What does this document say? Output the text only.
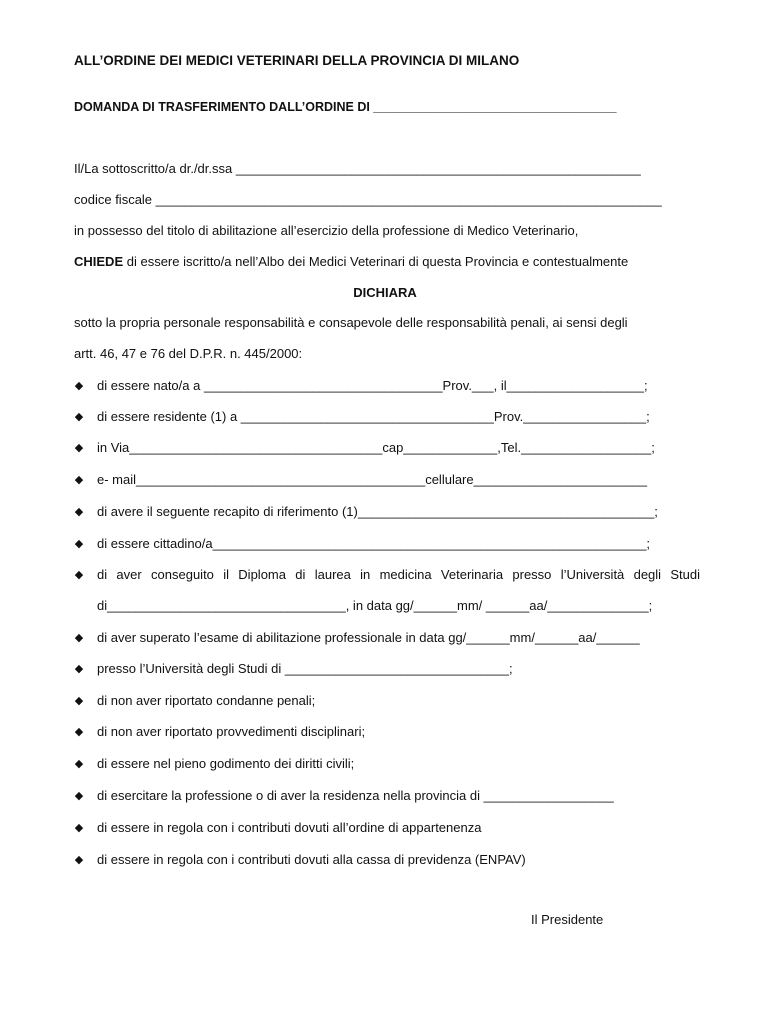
ALL’ORDINE DEI MEDICI VETERINARI DELLA PROVINCIA DI MILANO
DOMANDA DI TRASFERIMENTO DALL’ORDINE DI ___________________________________
Il/La sottoscritto/a dr./dr.ssa ________________________________________________________
codice fiscale ______________________________________________________________________
in possesso del titolo di abilitazione all’esercizio della professione di Medico Veterinario,
CHIEDE di essere iscritto/a nell’Albo dei Medici Veterinari di questa Provincia e contestualmente
DICHIARA
sotto la propria personale responsabilità e consapevole delle responsabilità penali, ai sensi degli
artt. 46, 47 e 76 del D.P.R. n. 445/2000:
◆ di essere nato/a a _________________________________Prov.___, il___________________;
◆ di essere residente (1) a ___________________________________Prov._________________;
◆ in Via___________________________________cap_____________,Tel.__________________;
◆ e- mail________________________________________cellulare________________________
◆ di avere il seguente recapito di riferimento (1)_________________________________________;
◆ di essere cittadino/a____________________________________________________________;
◆ di aver conseguito il Diploma di laurea in medicina Veterinaria presso l’Università degli Studi
di_________________________________, in data gg/______mm/ ______aa/______________;
◆ di aver superato l’esame di abilitazione professionale in data gg/______mm/______aa/______
◆ presso l’Università degli Studi di _______________________________;
◆ di non aver riportato condanne penali;
◆ di non aver riportato provvedimenti disciplinari;
◆ di essere nel pieno godimento dei diritti civili;
◆ di esercitare la professione o di aver la residenza nella provincia di __________________
◆ di essere in regola con i contributi dovuti all’ordine di appartenenza
◆ di essere in regola con i contributi dovuti alla cassa di previdenza (ENPAV)
Il Presidente
